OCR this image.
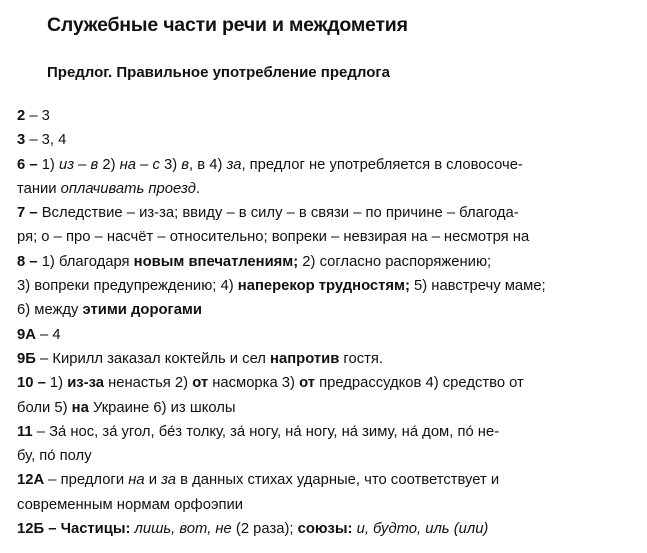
Служебные части речи и междометия
Предлог. Правильное употребление предлога
2 – 3
3 – 3, 4
6 – 1) из – в 2) на – с 3) в, в 4) за, предлог не употребляется в словосоче-
тании оплачивать проезд.
7 – Вследствие – из-за; ввиду – в силу – в связи – по причине – благода-
ря; о – про – насчёт – относительно; вопреки – невзирая на – несмотря на
8 – 1) благодаря новым впечатлениям; 2) согласно распоряжению;
3) вопреки предупреждению; 4) наперекор трудностям; 5) навстречу маме;
6) между этими дорогами
9А – 4
9Б – Кирилл заказал коктейль и сел напротив гостя.
10 – 1) из-за ненастья 2) от насморка 3) от предрассудков 4) средство от
боли 5) на Украине 6) из школы
11 – За́ нос, за́ угол, бе́з толку, за́ ногу, на́ ногу, на́ зиму, на́ дом, по́ не-
бу, по́ полу
12А – предлоги на и за в данных стихах ударные, что соответствует и
современным нормам орфоэпии
12Б – Частицы: лишь, вот, не (2 раза); союзы: и, будто, иль (или)
